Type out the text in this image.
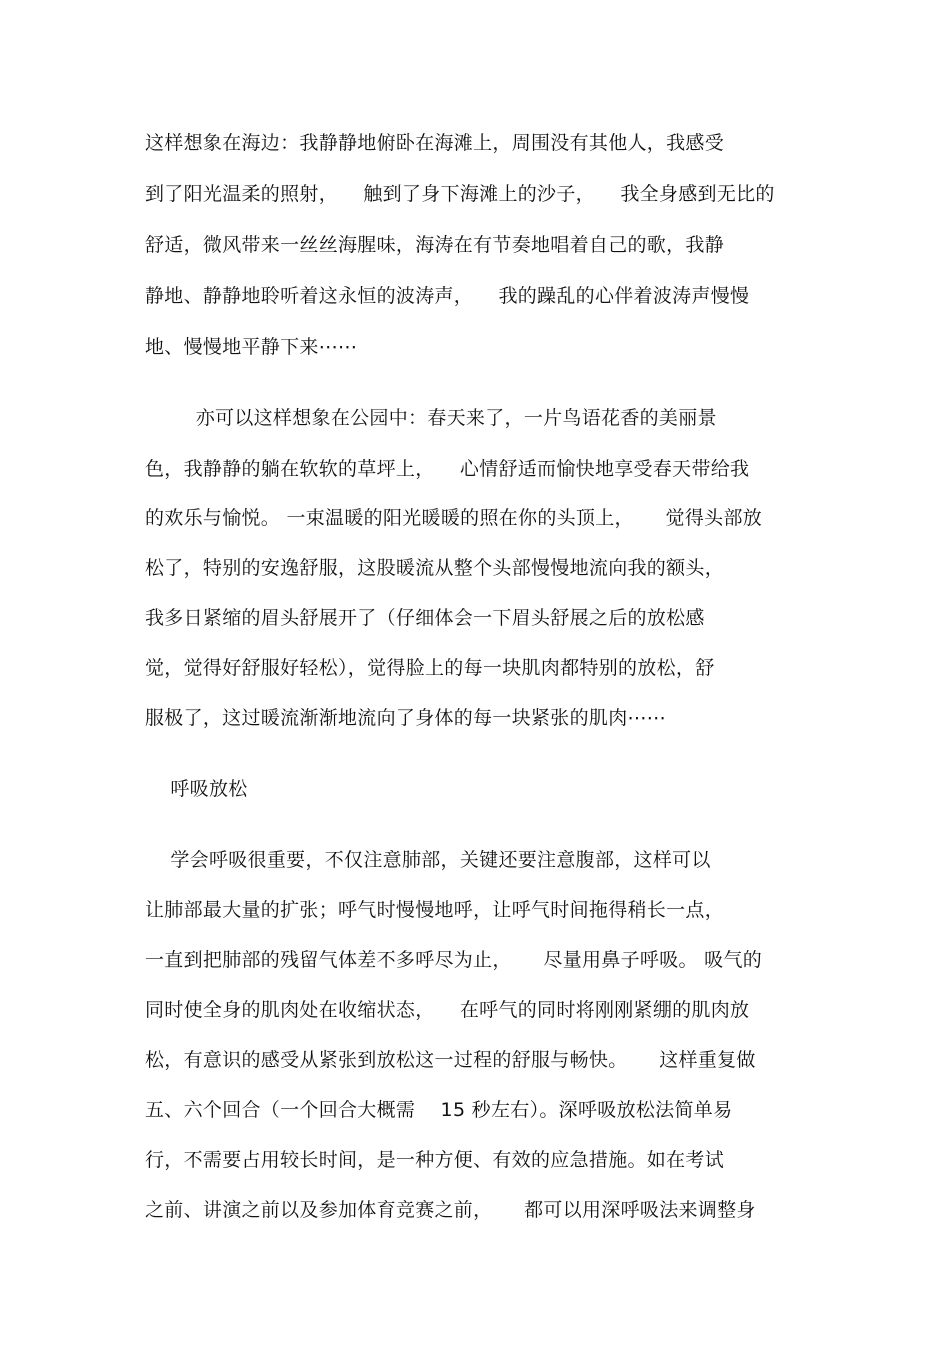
这样想象在海边：我静静地俯卧在海滩上，周围没有其他人，我感受
到了阳光温柔的照射，    触到了身下海滩上的沙子，    我全身感到无比的
舒适，微风带来一丝丝海腥味，海涛在有节奏地唱着自己的歌，我静
静地、静静地聆听着这永恒的波涛声，    我的躁乱的心伴着波涛声慢慢
地、慢慢地平静下来⋯⋯
亦可以这样想象在公园中：春天来了，一片鸟语花香的美丽景
色，我静静的躺在软软的草坪上，    心情舒适而愉快地享受春天带给我
的欢乐与愉悦。 一束温暖的阳光暖暖的照在你的头顶上，     觉得头部放
松了，特别的安逸舒服，这股暖流从整个头部慢慢地流向我的额头，
我多日紧缩的眉头舒展开了（仔细体会一下眉头舒展之后的放松感
觉，觉得好舒服好轻松），觉得脸上的每一块肌肉都特别的放松，舒
服极了，这过暖流渐渐地流向了身体的每一块紧张的肌肉⋯⋯
呼吸放松
学会呼吸很重要，不仅注意肺部，关键还要注意腹部，这样可以
让肺部最大量的扩张；呼气时慢慢地呼，让呼气时间拖得稍长一点，
一直到把肺部的残留气体差不多呼尽为止，     尽量用鼻子呼吸。 吸气的
同时使全身的肌肉处在收缩状态，    在呼气的同时将刚刚紧绷的肌肉放
松，有意识的感受从紧张到放松这一过程的舒服与畅快。     这样重复做
五、六个回合（一个回合大概需    15 秒左右）。深呼吸放松法简单易
行，不需要占用较长时间，是一种方便、有效的应急措施。如在考试
之前、讲演之前以及参加体育竞赛之前，     都可以用深呼吸法来调整身
